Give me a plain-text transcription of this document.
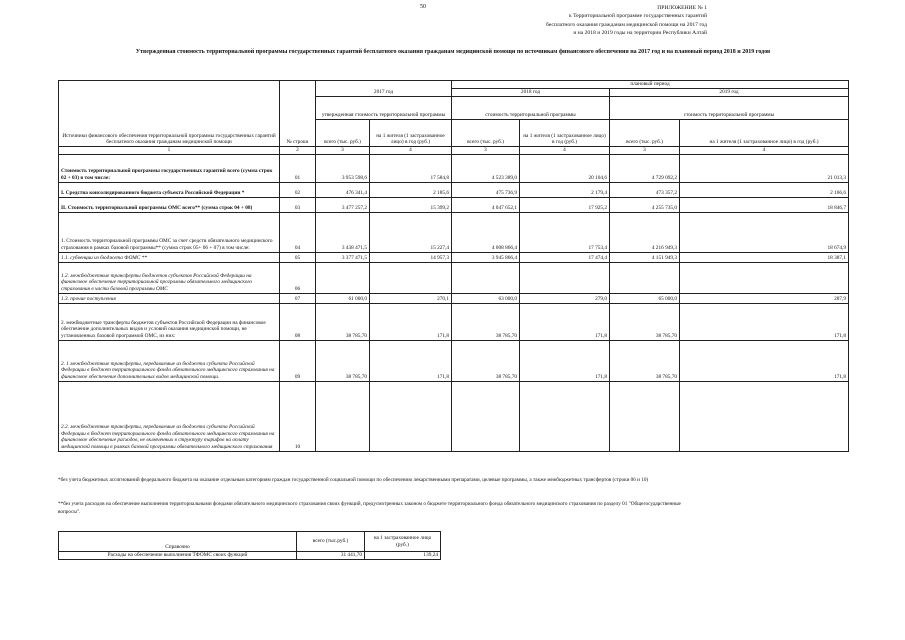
50	ПРИЛОЖЕНИЕ № 1
к Территориальной программе государственных гарантий
бесплатного оказания гражданам медицинской помощи на 2017 год
и на 2018 и 2019 годы на территории Республики Алтай
Утвержденная стоимость территориальной программы государственных гарантий бесплатного оказания гражданам медицинской помощи по источникам финансового обеспечения на 2017 год и на плановый период 2018 и 2019 годов
Источники финансового обеспечения территориальной программы государственных гарантий бесплатного оказания гражданам медицинской помощи	№ строки	2017 год		плановый период			
				2018 год		2019 год	
		утвержденная стоимость территориальной программы		стоимость территориальной программы		стоимость территориальной программы	
		всего (тыс. руб.)	на 1 жителя (1 застрахованное лицо) в год (руб.)	всего (тыс. руб.)	на 1 жителя (1 застрахованное лицо) в год (руб.)	всего (тыс. руб.)	на 1 жителя (1 застрахованное лицо) в год (руб.)
1	2	3	4	3	4	3	4
Стоимость территориальной программы государственных гарантий всего (сумма строк 02 + 03) в том числе:	01	3 953 598,6	17 584,8	4 523 389,0	20 104,6	4 729 092,2	21 013,3
I. Средства консолидированного бюджета субъекта Российской Федерации *	02	476 341,4	2 185,6	475 736,9	2 179,4	473 357,2	2 166,6
II. Стоимость территориальной программы ОМС всего** (сумма строк 04 + 08)	03	3 477 257,2	15 399,2	4 047 652,1	17 925,2	4 255 735,0	18 846,7
1. Стоимость территориальной программы ОМС за счет средств обязательного медицинского страхования в рамках базовой программы** (сумма строк 05+ 06 + 07) в том числе:	04	3 438 471,5	15 227,4	4 008 866,4	17 753,4	4 216 949,3	18 674,9
1.1. субвенции из бюджета ФОМС **	05	3 377 471,5	14 957,3	3 945 866,4	17 474,4	4 151 949,3	18 387,1
1.2. межбюджетные трансферты бюджетов субъектов Российской Федерации на финансовое обеспечение территориальной программы обязательного медицинского страхования в части базовой программы ОМС	06						
1.3. прочие поступления	07	61 000,0	270,1	63 000,0	279,0	65 000,0	287,9
2. межбюджетные трансферты бюджетов субъектов Российской Федерации на финансовое обеспечение дополнительных видов и условий оказания медицинской помощи, не установленных базовой программой ОМС, из них:	08	38 785,70	171,8	38 785,70	171,8	38 785,70	171,8
2. 1 межбюджетные трансферты, передаваемые из бюджета субъекта Российской Федерации в бюджет территориального фонда обязательного медицинского страхования на финансовое обеспечение дополнительных видов медицинской помощи.	09	38 785,70	171,8	38 785,70	171,8	38 785,70	171,8
2.2. межбюджетные трансферты, передаваемые из бюджета субъекта Российской Федерации в бюджет территориального фонда обязательного медицинского страхования на финансовое обеспечение расходов, не включенных в структуру тарифов на оплату медицинской помощи в рамках базовой программы обязательного медицинского страхования	10						
*без учета бюджетных ассигнований федерального бюджета на оказание отдельным категориям граждан государственной социальной помощи по обеспечению лекарственными препаратами, целевые программы, а также межбюджетных трансфертов (строки 06 и 10)
**без учета расходов на обеспечение выполнения территориальными фондами обязательного медицинского страхования своих функций, предусмотренных законом о бюджете территориального фонда обязательного медицинского страхования по разделу 01 "Общегосударственные вопросы".
Справочно	всего (тыс.руб.)	на 1 застрахованное лицо (руб.)
Расходы на обеспечение выполнения ТФОМС своих функций	31 441,70	139,24
